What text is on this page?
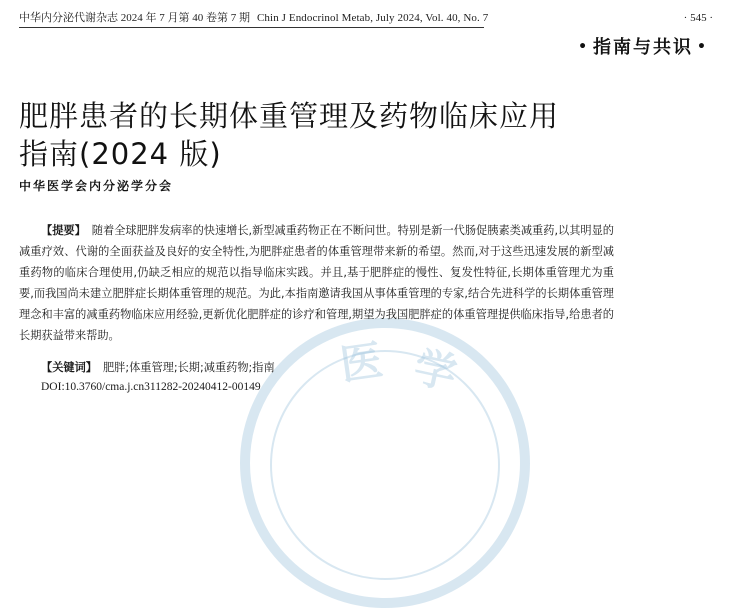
中华内分泌代谢杂志 2024 年 7 月第 40 卷第 7 期 Chin J Endocrinol Metab, July 2024, Vol. 40, No. 7	· 545 ·
• 指南与共识 •
肥胖患者的长期体重管理及药物临床应用
指南(2024 版)
中华医学会内分泌学分会
医 学

【提要】 随着全球肥胖发病率的快速增长,新型减重药物正在不断问世。特别是新一代肠促胰素类减重药,以其明显的减重疗效、代谢的全面获益及良好的安全特性,为肥胖症患者的体重管理带来新的希望。然而,对于这些迅速发展的新型减重药物的临床合理使用,仍缺乏相应的规范以指导临床实践。并且,基于肥胖症的慢性、复发性特征,长期体重管理尤为重要,而我国尚未建立肥胖症长期体重管理的规范。为此,本指南邀请我国从事体重管理的专家,结合先进科学的长期体重管理理念和丰富的减重药物临床应用经验,更新优化肥胖症的诊疗和管理,期望为我国肥胖症的体重管理提供临床指导,给患者的长期获益带来帮助。

【关键词】 肥胖;体重管理;长期;减重药物;指南
DOI:10.3760/cma.j.cn311282-20240412-00149
